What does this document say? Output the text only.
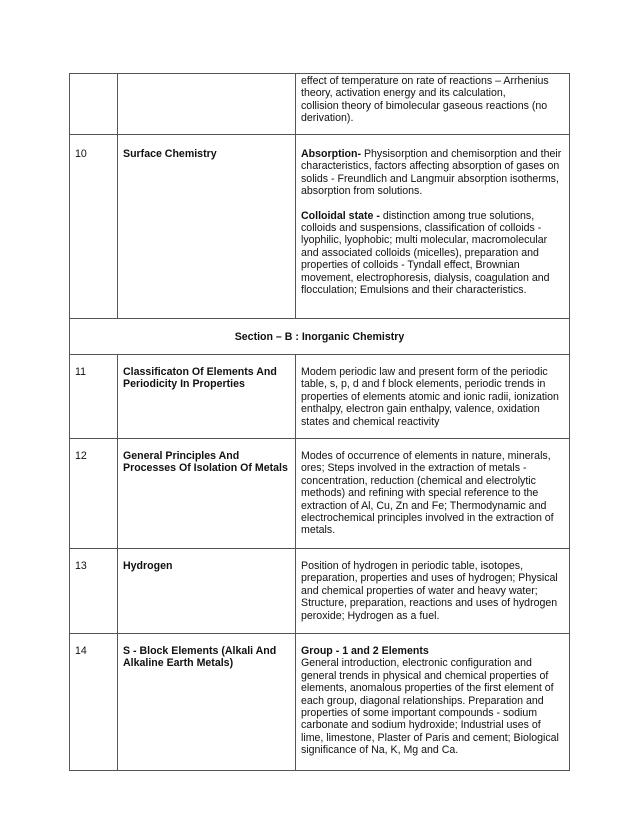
		effect of temperature on rate of reactions – Arrhenius theory, activation energy and its calculation,
collision theory of bimolecular gaseous reactions (no derivation).
10	Surface Chemistry	Absorption- Physisorption and chemisorption and their characteristics, factors affecting absorption of gases on solids - Freundlich and Langmuir absorption isotherms, absorption from solutions.

Colloidal state - distinction among true solutions, colloids and suspensions, classification of colloids - lyophilic, lyophobic; multi molecular, macromolecular and associated colloids (micelles), preparation and properties of colloids - Tyndall effect, Brownian movement, electrophoresis, dialysis, coagulation and flocculation; Emulsions and their characteristics.

Section – B : Inorganic Chemistry		
11	Classificaton Of Elements And Periodicity In Properties	Modem periodic law and present form of the periodic table, s, p, d and f block elements, periodic trends in properties of elements atomic and ionic radii, ionization enthalpy, electron gain enthalpy, valence, oxidation states and chemical reactivity
12	General Principles And Processes Of Isolation Of Metals	Modes of occurrence of elements in nature, minerals, ores; Steps involved in the extraction of metals - concentration, reduction (chemical and electrolytic methods) and refining with special reference to the extraction of Al, Cu, Zn and Fe; Thermodynamic and electrochemical principles involved in the extraction of metals.
13	Hydrogen	Position of hydrogen in periodic table, isotopes, preparation, properties and uses of hydrogen; Physical and chemical properties of water and heavy water; Structure, preparation, reactions and uses of hydrogen peroxide; Hydrogen as a fuel.
14	S - Block Elements (Alkali And Alkaline Earth Metals)	Group - 1 and 2 Elements
General introduction, electronic configuration and general trends in physical and chemical properties of elements, anomalous properties of the first element of each group, diagonal relationships. Preparation and properties of some important compounds - sodium carbonate and sodium hydroxide; Industrial uses of lime, limestone, Plaster of Paris and cement; Biological significance of Na, K, Mg and Ca.
